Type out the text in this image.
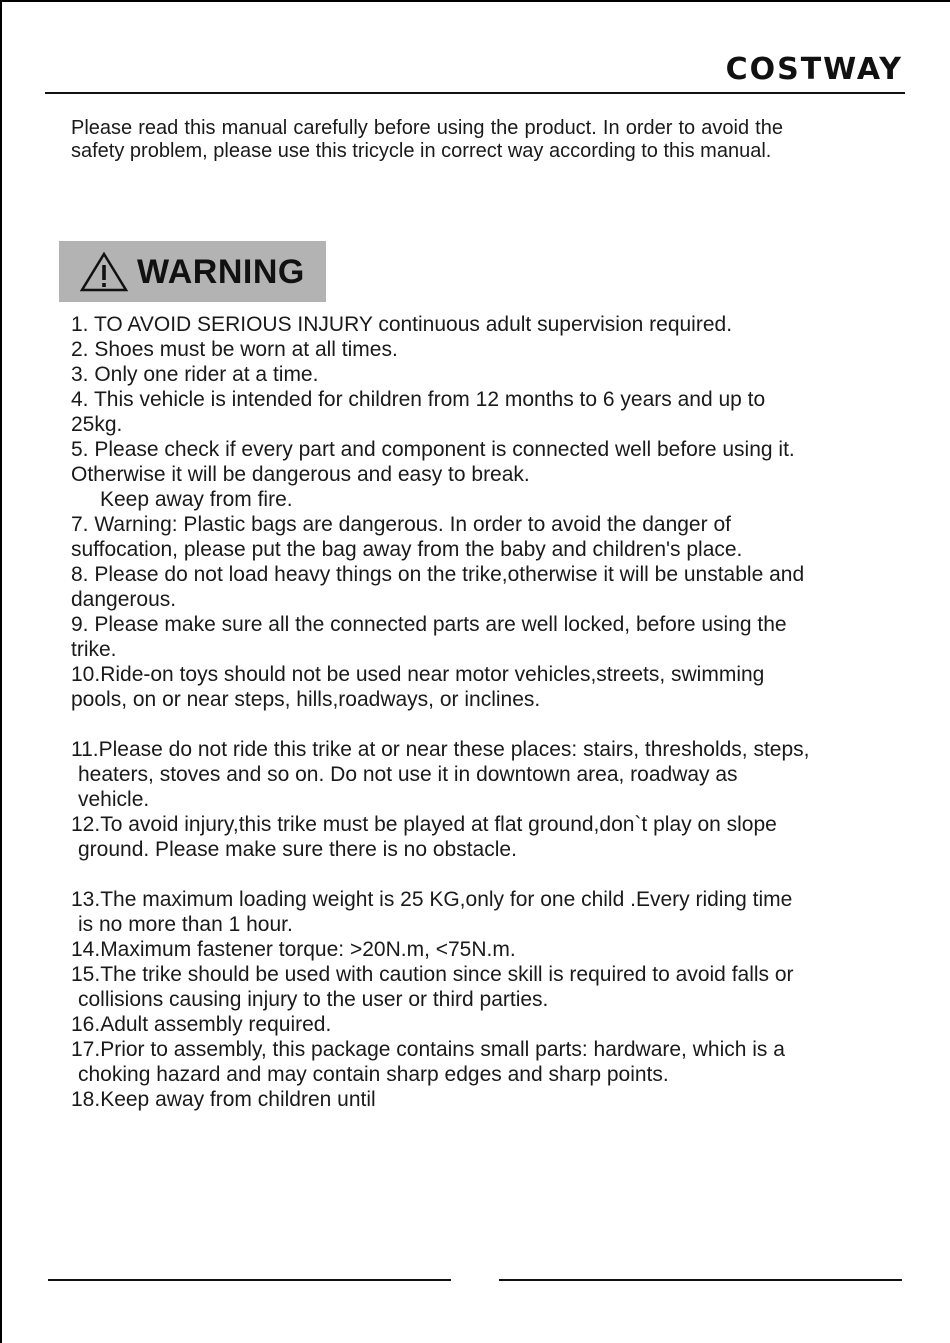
COSTWAY

Please read this manual carefully before using the product. In order to avoid the safety problem, please use this tricycle in correct way according to this manual.

WARNING

1. TO AVOID SERIOUS INJURY continuous adult supervision required.

2. Shoes must be worn at all times.

3. Only one rider at a time.

4. This vehicle is intended for children from 12 months to 6 years and up to 25kg.

5. Please check if every part and component is connected well before using it. Otherwise it will be dangerous and easy to break.

Keep away from fire.

7. Warning: Plastic bags are dangerous. In order to avoid the danger of suffocation, please put the bag away from the baby and children's place.

8. Please do not load heavy things on the trike,otherwise it will be unstable and dangerous.

9. Please make sure all the connected parts are well locked, before using the trike.

10.Ride-on toys should not be used near motor vehicles,streets, swimming pools, on or near steps, hills,roadways, or inclines.

11.Please do not ride this trike at or near these places: stairs, thresholds, steps, heaters, stoves and so on. Do not use it in downtown area, roadway as vehicle.

12.To avoid injury,this trike must be played at flat ground,don`t play on slope ground. Please make sure there is no obstacle.

13.The maximum loading weight is 25 KG,only for one child .Every riding time is no more than 1 hour.

14.Maximum fastener torque: >20N.m, <75N.m.

15.The trike should be used with caution since skill is required to avoid falls or collisions causing injury to the user or third parties.

16.Adult assembly required.

17.Prior to assembly, this package contains small parts: hardware, which is a choking hazard and may contain sharp edges and sharp points.

18.Keep away from children until
